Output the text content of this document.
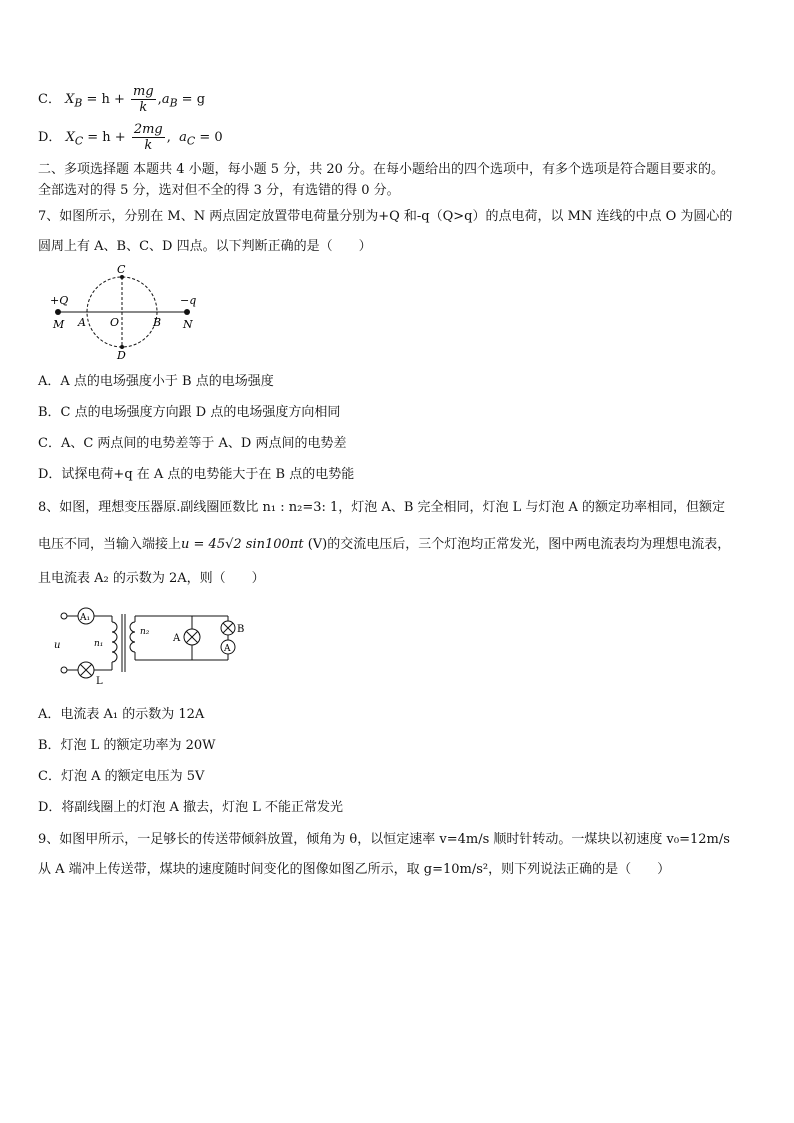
C． $X_B = h + \frac{mg}{k} ,a_B = g$
D． $X_C = h + \frac{2mg}{k}$ , $a_C = 0$
二、多项选择题 本题共 4 小题，每小题 5 分，共 20 分。在每小题给出的四个选项中，有多个选项是符合题目要求的。
全部选对的得 5 分，选对但不全的得 3 分，有选错的得 0 分。
7、如图所示，分别在 M、N 两点固定放置带电荷量分别为+Q 和-q（Q>q）的点电荷，以 MN 连线的中点 O 为圆心的
圆周上有 A、B、C、D 四点。以下判断正确的是（　　）
+Q	−q
M	N
A O	B
C
D
A．A 点的电场强度小于 B 点的电场强度
B．C 点的电场强度方向跟 D 点的电场强度方向相同
C．A、C 两点间的电势差等于 A、D 两点间的电势差
D．试探电荷+q 在 A 点的电势能大于在 B 点的电势能
8、如图，理想变压器原.副线圈匝数比 n₁ : n₂=3: 1，灯泡 A、B 完全相同，灯泡 L 与灯泡 A 的额定功率相同，但额定
电压不同，当输入端接上u = 45√2 sin100πt (V)的交流电压后，三个灯泡均正常发光，图中两电流表均为理想电流表，
且电流表 A₂ 的示数为 2A，则（　　）
A₁
L
u	n₁
n₂
A
A
B
A．电流表 A₁ 的示数为 12A
B．灯泡 L 的额定功率为 20W
C．灯泡 A 的额定电压为 5V
D．将副线圈上的灯泡 A 撤去，灯泡 L 不能正常发光
9、如图甲所示，一足够长的传送带倾斜放置，倾角为 θ，以恒定速率 v=4m/s 顺时针转动。一煤块以初速度 v₀=12m/s
从 A 端冲上传送带，煤块的速度随时间变化的图像如图乙所示，取 g=10m/s²，则下列说法正确的是（　　）
